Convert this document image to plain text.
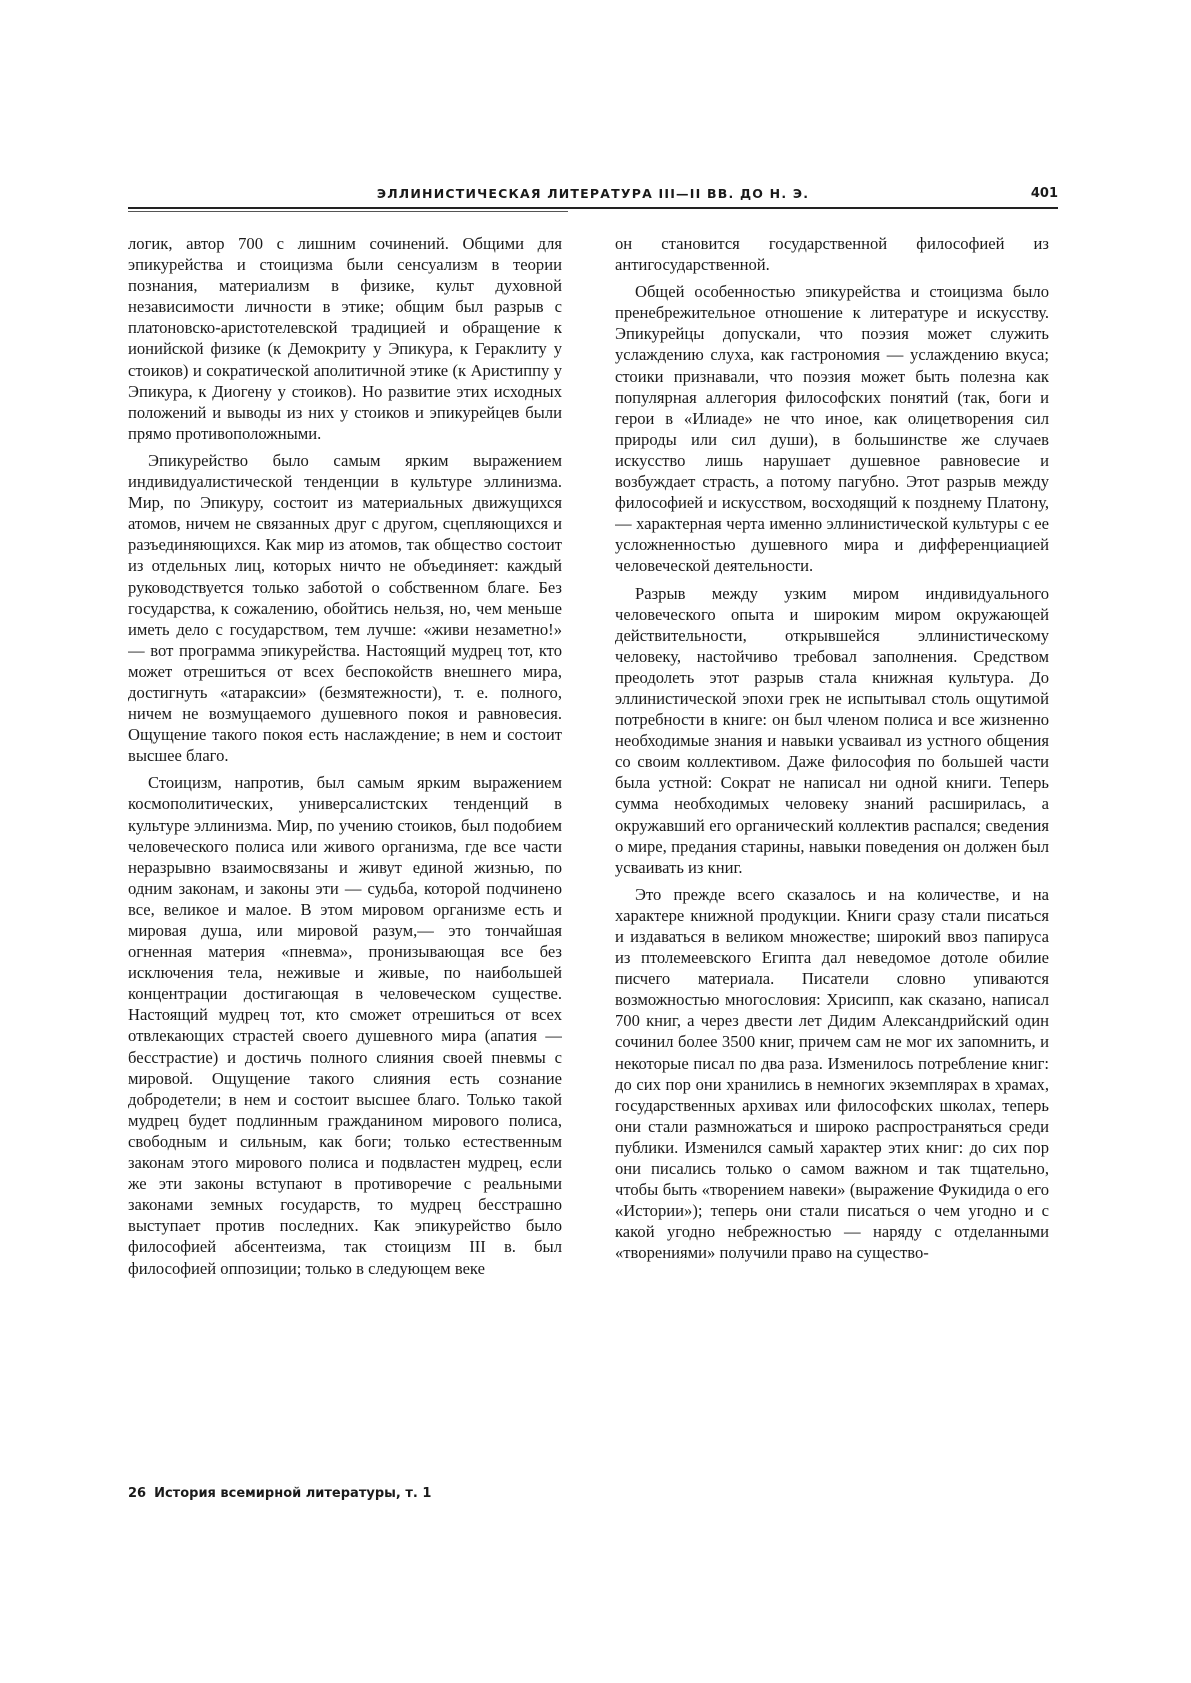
ЭЛЛИНИСТИЧЕСКАЯ ЛИТЕРАТУРА III—II ВВ. ДО Н. Э.	401

логик, автор 700 с лишним сочинений. Общими для эпикурейства и стоицизма были сенсуализм в теории познания, материализм в физике, культ духовной независимости личности в этике; общим был разрыв с платоновско-аристотелевской традицией и обращение к ионийской физике (к Демокриту у Эпикура, к Гераклиту у стоиков) и сократической аполитичной этике (к Аристиппу у Эпикура, к Диогену у стоиков). Но развитие этих исходных положений и выводы из них у стоиков и эпикурейцев были прямо противоположными.

Эпикурейство было самым ярким выражением индивидуалистической тенденции в культуре эллинизма. Мир, по Эпикуру, состоит из материальных движущихся атомов, ничем не связанных друг с другом, сцепляющихся и разъединяющихся. Как мир из атомов, так общество состоит из отдельных лиц, которых ничто не объединяет: каждый руководствуется только заботой о собственном благе. Без государства, к сожалению, обойтись нельзя, но, чем меньше иметь дело с государством, тем лучше: «живи незаметно!» — вот программа эпикурейства. Настоящий мудрец тот, кто может отрешиться от всех беспокойств внешнего мира, достигнуть «атараксии» (безмятежности), т. е. полного, ничем не возмущаемого душевного покоя и равновесия. Ощущение такого покоя есть наслаждение; в нем и состоит высшее благо.

Стоицизм, напротив, был самым ярким выражением космополитических, универсалистских тенденций в культуре эллинизма. Мир, по учению стоиков, был подобием человеческого полиса или живого организма, где все части неразрывно взаимосвязаны и живут единой жизнью, по одним законам, и законы эти — судьба, которой подчинено все, великое и малое. В этом мировом организме есть и мировая душа, или мировой разум,— это тончайшая огненная материя «пневма», пронизывающая все без исключения тела, неживые и живые, по наибольшей концентрации достигающая в человеческом существе. Настоящий мудрец тот, кто сможет отрешиться от всех отвлекающих страстей своего душевного мира (апатия — бесстрастие) и достичь полного слияния своей пневмы с мировой. Ощущение такого слияния есть сознание добродетели; в нем и состоит высшее благо. Только такой мудрец будет подлинным гражданином мирового полиса, свободным и сильным, как боги; только естественным законам этого мирового полиса и подвластен мудрец, если же эти законы вступают в противоречие с реальными законами земных государств, то мудрец бесстрашно выступает против последних. Как эпикурейство было философией абсентеизма, так стоицизм III в. был философией оппозиции; только в следующем веке

он становится государственной философией из антигосударственной.

Общей особенностью эпикурейства и стоицизма было пренебрежительное отношение к литературе и искусству. Эпикурейцы допускали, что поэзия может служить услаждению слуха, как гастрономия — услаждению вкуса; стоики признавали, что поэзия может быть полезна как популярная аллегория философских понятий (так, боги и герои в «Илиаде» не что иное, как олицетворения сил природы или сил души), в большинстве же случаев искусство лишь нарушает душевное равновесие и возбуждает страсть, а потому пагубно. Этот разрыв между философией и искусством, восходящий к позднему Платону,— характерная черта именно эллинистической культуры с ее усложненностью душевного мира и дифференциацией человеческой деятельности.

Разрыв между узким миром индивидуального человеческого опыта и широким миром окружающей действительности, открывшейся эллинистическому человеку, настойчиво требовал заполнения. Средством преодолеть этот разрыв стала книжная культура. До эллинистической эпохи грек не испытывал столь ощутимой потребности в книге: он был членом полиса и все жизненно необходимые знания и навыки усваивал из устного общения со своим коллективом. Даже философия по большей части была устной: Сократ не написал ни одной книги. Теперь сумма необходимых человеку знаний расширилась, а окружавший его органический коллектив распался; сведения о мире, предания старины, навыки поведения он должен был усваивать из книг.

Это прежде всего сказалось и на количестве, и на характере книжной продукции. Книги сразу стали писаться и издаваться в великом множестве; широкий ввоз папируса из птолемеевского Египта дал неведомое дотоле обилие писчего материала. Писатели словно упиваются возможностью многословия: Хрисипп, как сказано, написал 700 книг, а через двести лет Дидим Александрийский один сочинил более 3500 книг, причем сам не мог их запомнить, и некоторые писал по два раза. Изменилось потребление книг: до сих пор они хранились в немногих экземплярах в храмах, государственных архивах или философских школах, теперь они стали размножаться и широко распространяться среди публики. Изменился самый характер этих книг: до сих пор они писались только о самом важном и так тщательно, чтобы быть «творением навеки» (выражение Фукидида о его «Истории»); теперь они стали писаться о чем угодно и с какой угодно небрежностью — наряду с отделанными «творениями» получили право на существо-

26 История всемирной литературы, т. 1
